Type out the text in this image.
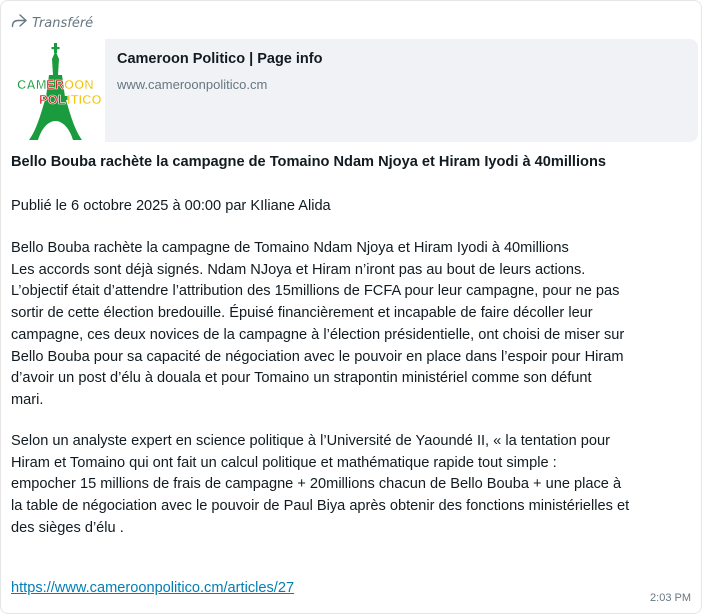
Transféré
CAM ER OON
POL ITICO
Cameroon Politico | Page info
www.cameroonpolitico.cm
Bello Bouba rachète la campagne de Tomaino Ndam Njoya et Hiram Iyodi à 40millions
Publié le 6 octobre 2025 à 00:00 par KIliane Alida

Bello Bouba rachète la campagne de Tomaino Ndam Njoya et Hiram Iyodi à 40millions

Les accords sont déjà signés. Ndam NJoya et Hiram n’iront pas au bout de leurs actions.

L’objectif était d’attendre l’attribution des 15millions de FCFA pour leur campagne, pour ne pas

sortir de cette élection bredouille. Épuisé financièrement et incapable de faire décoller leur

campagne, ces deux novices de la campagne à l’élection présidentielle, ont choisi de miser sur

Bello Bouba pour sa capacité de négociation avec le pouvoir en place dans l’espoir pour Hiram

d’avoir un post d’élu à douala et pour Tomaino un strapontin ministériel comme son défunt

mari.

Selon un analyste expert en science politique à l’Université de Yaoundé II, « la tentation pour

Hiram et Tomaino qui ont fait un calcul politique et mathématique rapide tout simple :

empocher 15 millions de frais de campagne + 20millions chacun de Bello Bouba + une place à

la table de négociation avec le pouvoir de Paul Biya après obtenir des fonctions ministérielles et

des sièges d’élu .

https://www.cameroonpolitico.cm/articles/27
2:03 PM
